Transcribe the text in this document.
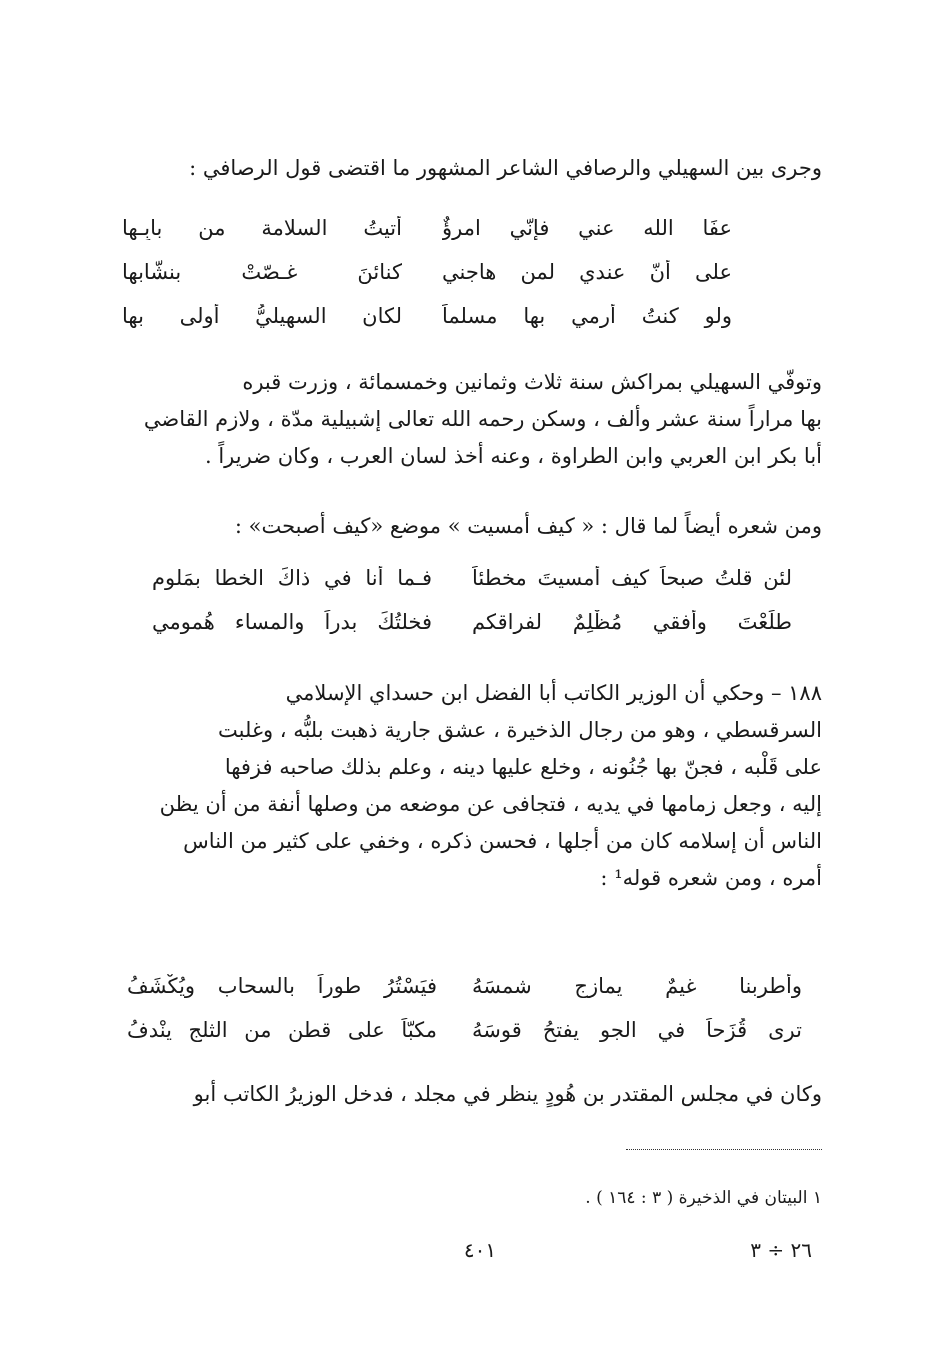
وجرى بين السهيلي والرصافي الشاعر المشهور ما اقتضى قول الرصافي :
عفَا الله عني فإنّي امرؤٌ
أتيتُ السلامة من بابِـها
على أنّ عندي لمن هاجني
كنائنَ غـصّتْ بنشّابها
ولو كنتُ أرمي بها مسلماً
لكان السهيليُّ أولى بها
وتوفّي السهيلي بمراكش سنة ثلاث وثمانين وخمسمائة ، وزرت قبره
بها مراراً سنة عشر وألف ، وسكن رحمه الله تعالى إشبيلية مدّة ، ولازم القاضي
أبا بكر ابن العربي وابن الطراوة ، وعنه أخذ لسان العرب ، وكان ضريراً .
ومن شعره أيضاً لما قال : « كيف أمسيت » موضع «كيف أصبحت» :
لئن قلتُ صبحاً كيف أمسيتَ مخطئاً
فـما أنا في ذاكَ الخطا بمَلومِ
طلَعْتَ وأُفقي مُظْلِمٌ لفراقكم
فخلتُكَ بدراً والمساء هُمومي
١٨٨ – وحكي أن الوزير الكاتب أبا الفضل ابن حسداي الإسلامي
السرقسطي ، وهو من رجال الذخيرة ، عشق جارية ذهبت بلبُّه ، وغلبت
على قَلْبه ، فجنّ بها جُنُونه ، وخلع عليها دينه ، وعلم بذلك صاحبه فزفها
إليه ، وجعل زمامها في يديه ، فتجافى عن موضعه من وصلها أنفة من أن يظن
الناس أن إسلامه كان من أجلها ، فحسن ذكره ، وخفي على كثير من الناس
أمره ، ومن شعره قوله¹ :
وأطربنا غيمٌ يمازج شمسَهُ
فيَسْتُرُ طوراً بالسحاب ويُكْشَفُ
ترى قُزَحاً في الجو يفتحُ قوسَهُ
مكبّاً على قطنٍ من الثلج ينْدفُ
وكان في مجلس المقتدر بن هُودٍ ينظر في مجلد ، فدخل الوزيرُ الكاتب أبو
١ البيتان في الذخيرة ( ٣ : ١٦٤ ) .
٤٠١	٢٦ ÷ ٣
